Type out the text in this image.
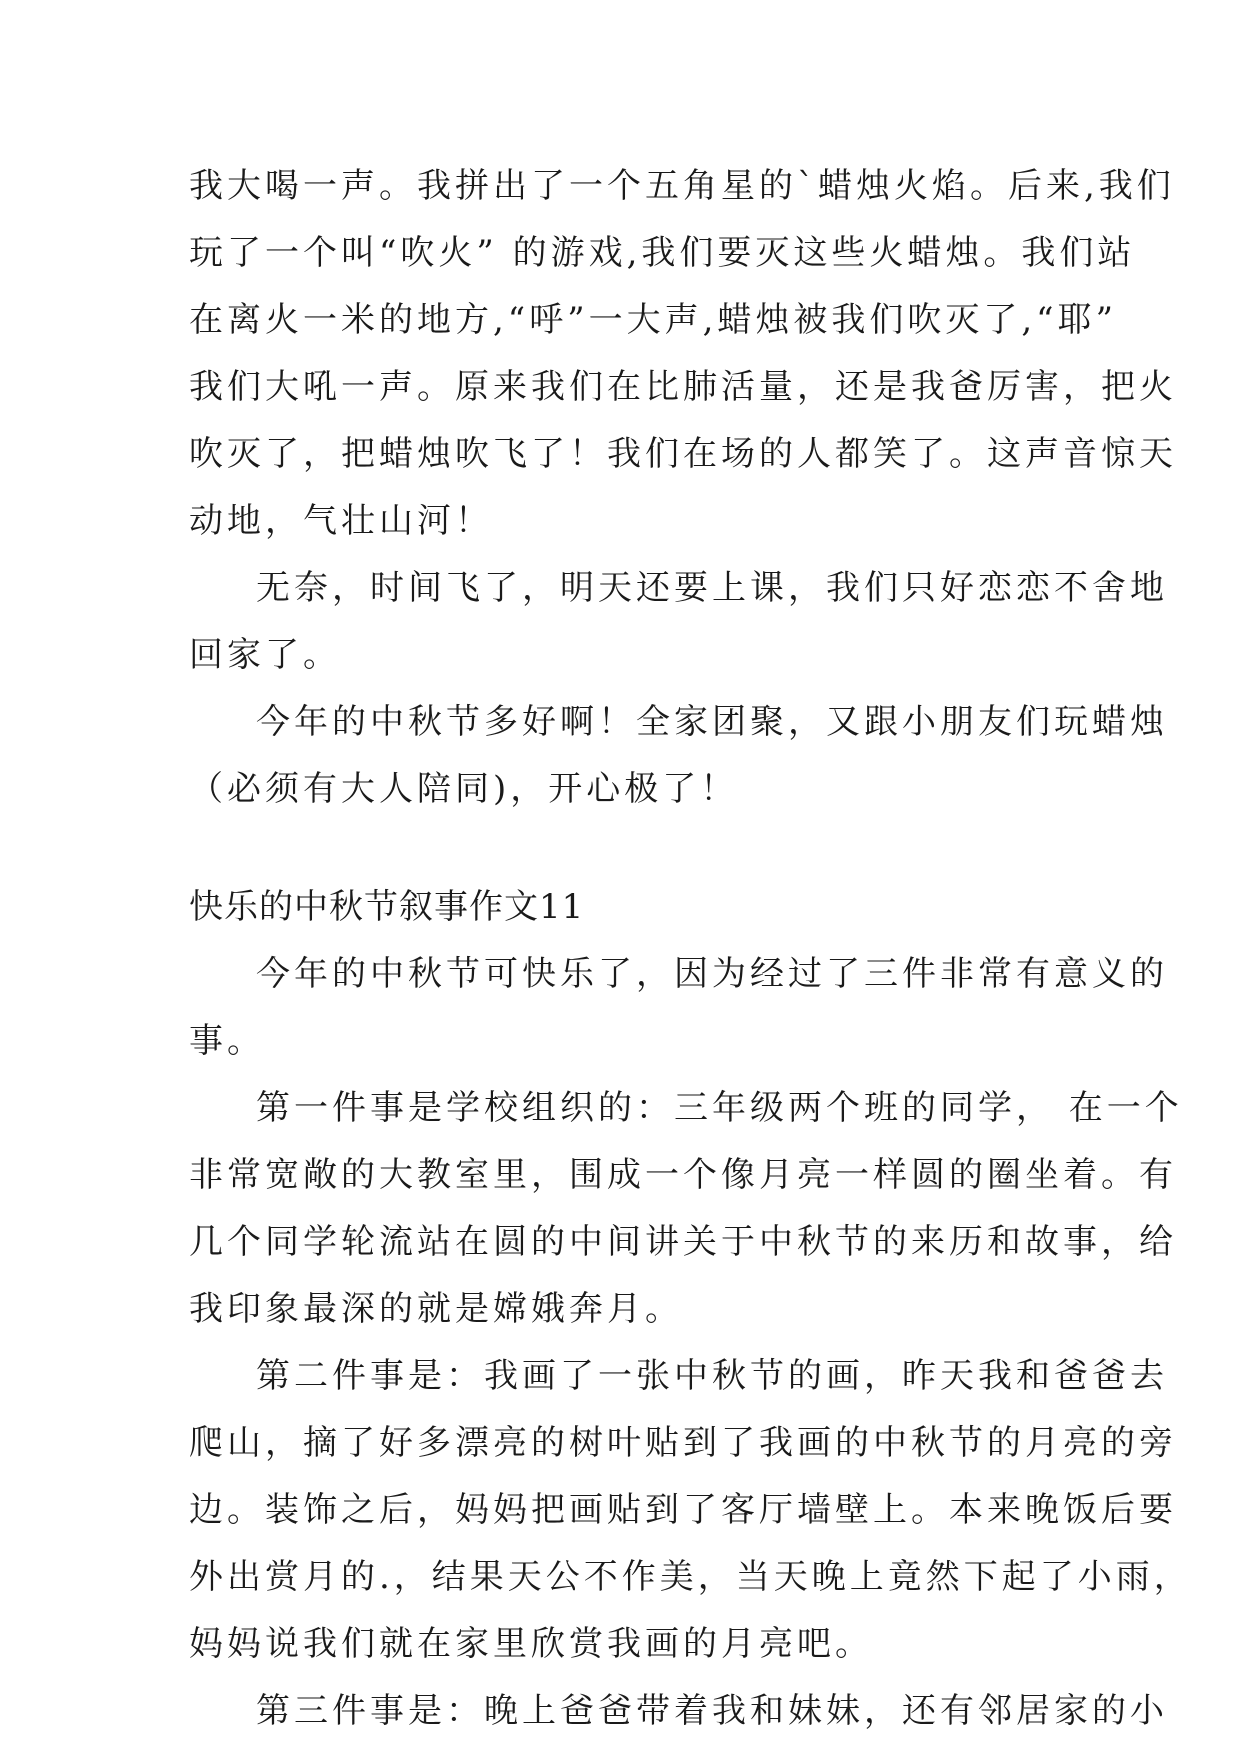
我大喝一声。我拼出了一个五角星的`蜡烛火焰。后来,我们
玩了一个叫“吹火” 的游戏,我们要灭这些火蜡烛。我们站
在离火一米的地方,“呼”一大声,蜡烛被我们吹灭了,“耶”
我们大吼一声。原来我们在比肺活量，还是我爸厉害，把火
吹灭了，把蜡烛吹飞了！我们在场的人都笑了。这声音惊天
动地，气壮山河！
无奈，时间飞了，明天还要上课，我们只好恋恋不舍地
回家了。
今年的中秋节多好啊！全家团聚，又跟小朋友们玩蜡烛
（必须有大人陪同)，开心极了！
快乐的中秋节叙事作文11
今年的中秋节可快乐了，因为经过了三件非常有意义的
事。
第一件事是学校组织的：三年级两个班的同学， 在一个
非常宽敞的大教室里，围成一个像月亮一样圆的圈坐着。有
几个同学轮流站在圆的中间讲关于中秋节的来历和故事，给
我印象最深的就是嫦娥奔月。
第二件事是：我画了一张中秋节的画，昨天我和爸爸去
爬山，摘了好多漂亮的树叶贴到了我画的中秋节的月亮的旁
边。装饰之后，妈妈把画贴到了客厅墙壁上。本来晚饭后要
外出赏月的.，结果天公不作美，当天晚上竟然下起了小雨，
妈妈说我们就在家里欣赏我画的月亮吧。
第三件事是：晚上爸爸带着我和妹妹，还有邻居家的小
